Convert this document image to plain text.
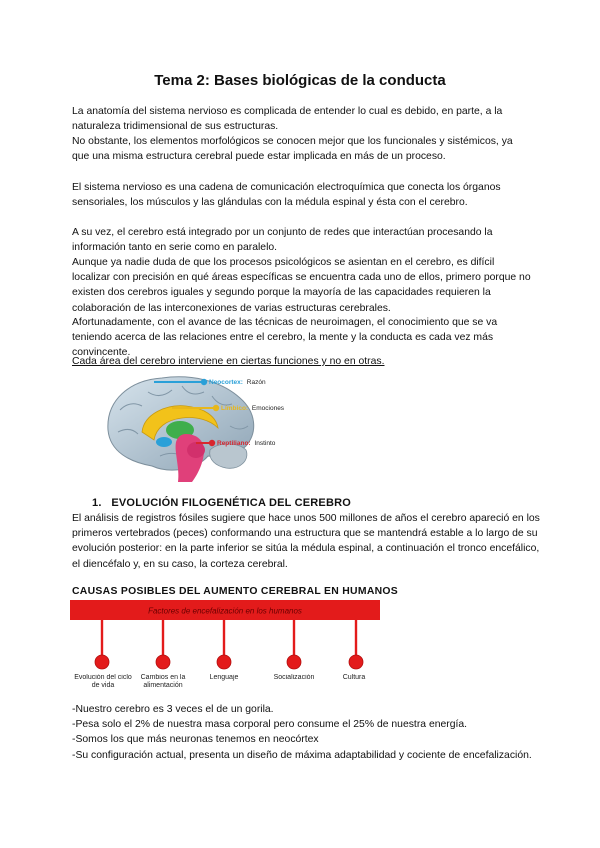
Tema 2: Bases biológicas de la conducta

La anatomía del sistema nervioso es complicada de entender lo cual es debido, en parte, a la naturaleza tridimensional de sus estructuras.

No obstante, los elementos morfológicos se conocen mejor que los funcionales y sistémicos, ya que una misma estructura cerebral puede estar implicada en más de un proceso.

El sistema nervioso es una cadena de comunicación electroquímica que conecta los órganos sensoriales, los músculos y las glándulas con la médula espinal y ésta con el cerebro.

A su vez, el cerebro está integrado por un conjunto de redes que interactúan procesando la información tanto en serie como en paralelo.

Aunque ya nadie duda de que los procesos psicológicos se asientan en el cerebro, es difícil localizar con precisión en qué áreas específicas se encuentra cada uno de ellos, primero porque no existen dos cerebros iguales y segundo porque la mayoría de las capacidades requieren la colaboración de las interconexiones de varias estructuras cerebrales.

Afortunadamente, con el avance de las técnicas de neuroimagen, el conocimiento que se va teniendo acerca de las relaciones entre el cerebro, la mente y la conducta es cada vez más convincente.

Cada área del cerebro interviene en ciertas funciones y no en otras.

Neocortex: Razón
Límbico: Emociones
Reptiliano: Instinto
1. EVOLUCIÓN FILOGENÉTICA DEL CEREBRO

El análisis de registros fósiles sugiere que hace unos 500 millones de años el cerebro apareció en los primeros vertebrados (peces) conformando una estructura que se mantendrá estable a lo largo de su evolución posterior: en la parte inferior se sitúa la médula espinal, a continuación el tronco encefálico, el diencéfalo y, en su caso, la corteza cerebral.

CAUSAS POSIBLES DEL AUMENTO CEREBRAL EN HUMANOS
Factores de encefalización en los humanos
Evolución del ciclo de vida
Cambios en la alimentación
Lenguaje	Socialización	Cultura
-Nuestro cerebro es 3 veces el de un gorila.
-Pesa solo el 2% de nuestra masa corporal pero consume el 25% de nuestra energía.
-Somos los que más neuronas tenemos en neocórtex
-Su configuración actual, presenta un diseño de máxima adaptabilidad y cociente de encefalización.
